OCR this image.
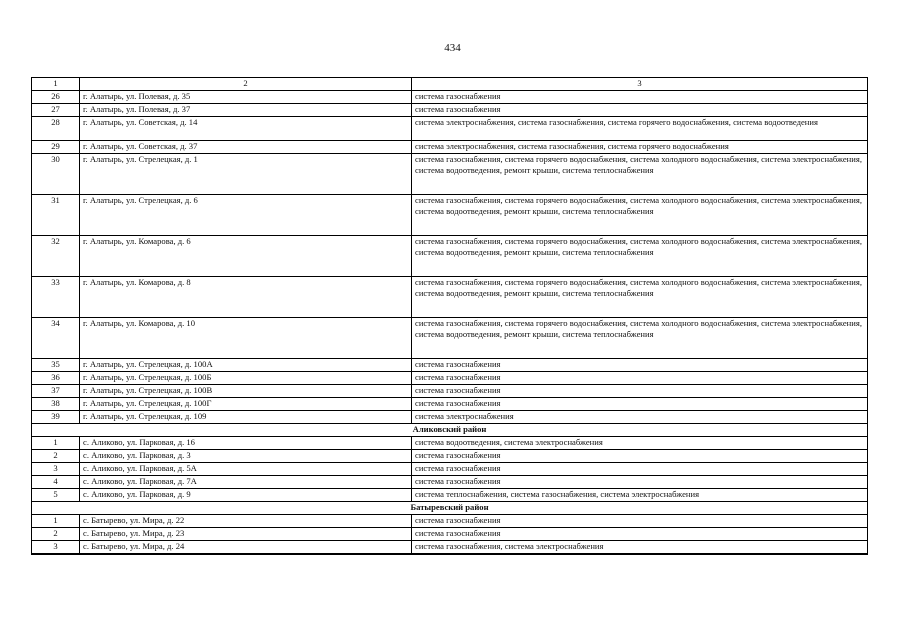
434
1	2	3
26	г. Алатырь, ул. Полевая, д. 35	система газоснабжения
27	г. Алатырь, ул. Полевая, д. 37	система газоснабжения
28	г. Алатырь, ул. Советская, д. 14	система электроснабжения, система газоснабжения, система горячего водоснабжения, система водоотведения
29	г. Алатырь, ул. Советская, д. 37	система электроснабжения, система газоснабжения, система горячего водоснабжения
30	г. Алатырь, ул. Стрелецкая, д. 1	система газоснабжения, система горячего водоснабжения, система холодного водоснабжения, система электроснабжения, система водоотведения, ремонт крыши, система теплоснабжения
31	г. Алатырь, ул. Стрелецкая, д. 6	система газоснабжения, система горячего водоснабжения, система холодного водоснабжения, система электроснабжения, система водоотведения, ремонт крыши, система теплоснабжения
32	г. Алатырь, ул. Комарова, д. 6	система газоснабжения, система горячего водоснабжения, система холодного водоснабжения, система электроснабжения, система водоотведения, ремонт крыши, система теплоснабжения
33	г. Алатырь, ул. Комарова, д. 8	система газоснабжения, система горячего водоснабжения, система холодного водоснабжения, система электроснабжения, система водоотведения, ремонт крыши, система теплоснабжения
34	г. Алатырь, ул. Комарова, д. 10	система газоснабжения, система горячего водоснабжения, система холодного водоснабжения, система электроснабжения, система водоотведения, ремонт крыши, система теплоснабжения
35	г. Алатырь, ул. Стрелецкая, д. 100А	система газоснабжения
36	г. Алатырь, ул. Стрелецкая, д. 100Б	система газоснабжения
37	г. Алатырь, ул. Стрелецкая, д. 100В	система газоснабжения
38	г. Алатырь, ул. Стрелецкая, д. 100Г	система газоснабжения
39	г. Алатырь, ул. Стрелецкая, д. 109	система электроснабжения
Аликовский район		
1	с. Аликово, ул. Парковая, д. 16	система водоотведения, система электроснабжения
2	с. Аликово, ул. Парковая, д. 3	система газоснабжения
3	с. Аликово, ул. Парковая, д. 5А	система газоснабжения
4	с. Аликово, ул. Парковая, д. 7А	система газоснабжения
5	с. Аликово, ул. Парковая, д. 9	система теплоснабжения, система газоснабжения, система электроснабжения
Батыревский район		
1	с. Батырево, ул. Мира, д. 22	система газоснабжения
2	с. Батырево, ул. Мира, д. 23	система газоснабжения
3	с. Батырево, ул. Мира, д. 24	система газоснабжения, система электроснабжения
